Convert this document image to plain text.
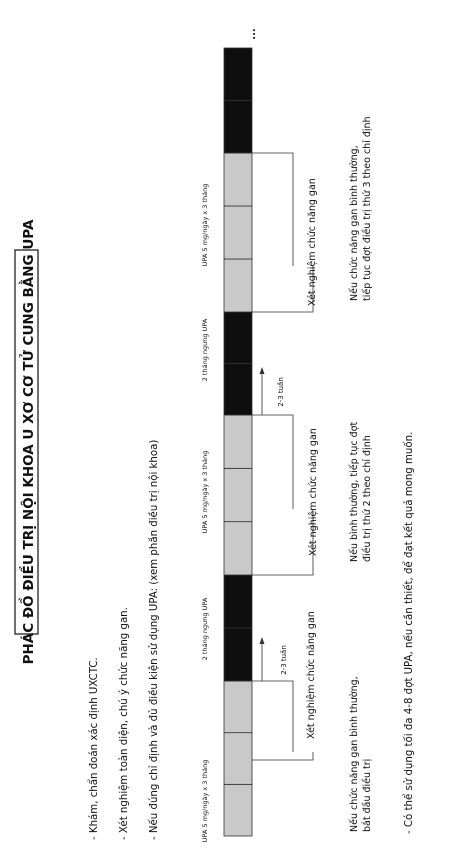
PHÁC ĐỒ ĐIỀU TRỊ NỘI KHOA U XƠ CƠ TỬ CUNG BẰNG UPA
- Khám, chẩn đoán xác định UXCTC. - Xét nghiệm toàn diện, chú ý chức năng gan. - Nếu đúng chỉ định và đủ điều kiện sử dụng UPA: (xem phần điều trị nội khoa)	UPA 5 mg/ngày x 3 tháng
2 tháng ngưng UPA
UPA 5 mg/ngày x 3 tháng
2 tháng ngưng UPA
UPA 5 mg/ngày x 3 tháng
...
2-3 tuần
2-3 tuần
Xét nghiệm chức năng gan
Xét nghiệm chức năng gan
Xét nghiệm chức năng gan
Nếu chức năng gan bình thường, bắt đầu điều trị
Nếu bình thường, tiếp tục đợt điều trị thứ 2 theo chỉ định
Nếu chức năng gan bình thường, tiếp tục đợt điều trị thứ 3 theo chỉ định
- Có thể sử dụng tối đa 4-8 đợt UPA, nếu cần thiết, để đạt kết quả mong muốn.
